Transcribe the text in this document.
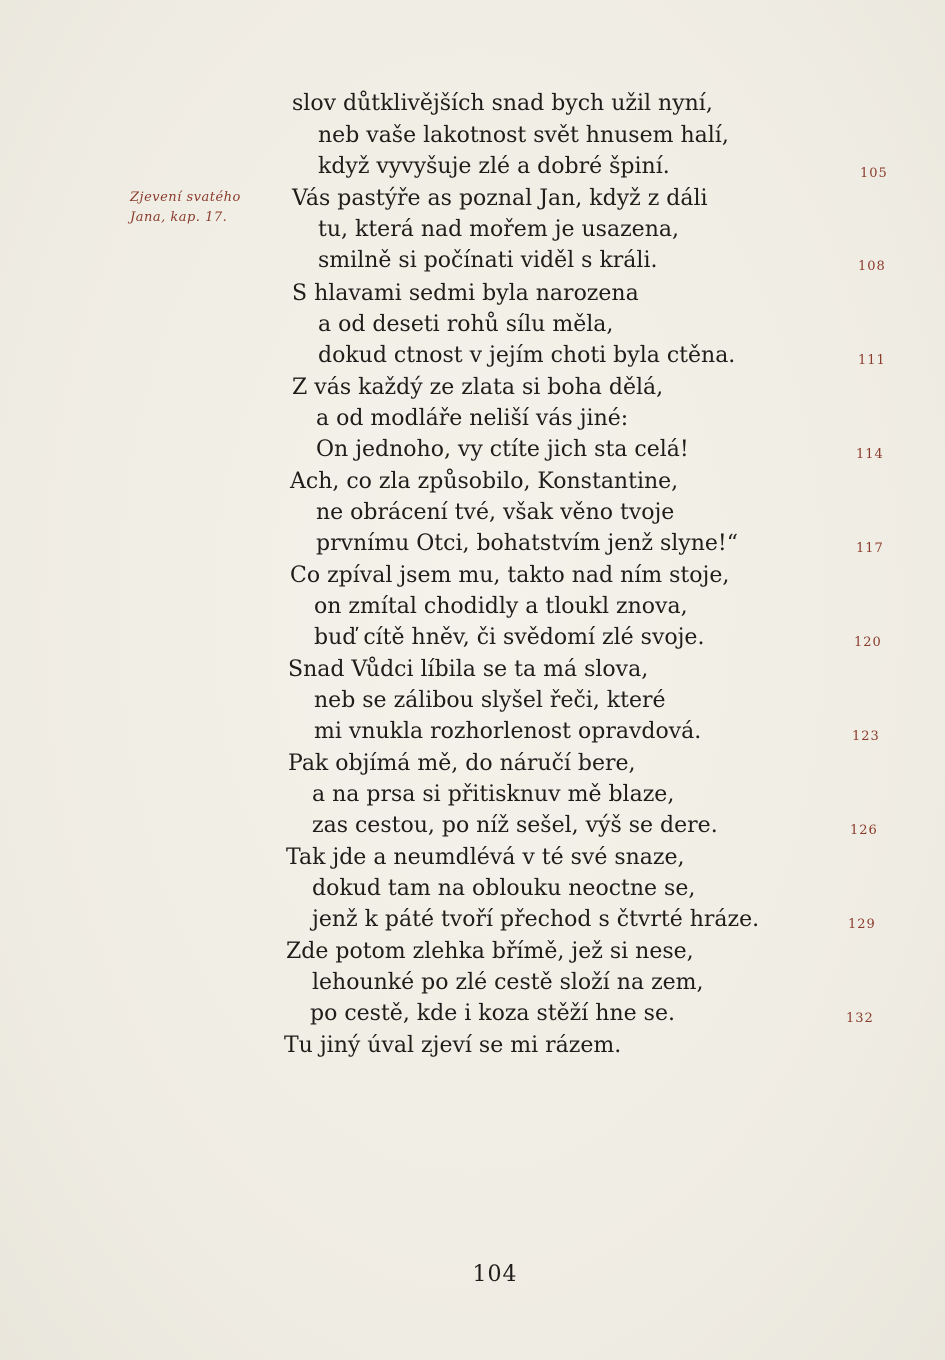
Zjevení svatého
Jana, kap. 17.
slov důtklivějších snad bych užil nyní,
neb vaše lakotnost svět hnusem halí,
když vyvyšuje zlé a dobré špiní.
Vás pastýře as poznal Jan, když z dáli
tu, která nad mořem je usazena,
smilně si počínati viděl s králi.
S hlavami sedmi byla narozena
a od deseti rohů sílu měla,
dokud ctnost v jejím choti byla ctěna.
Z vás každý ze zlata si boha dělá,
a od modláře neliší vás jiné:
On jednoho, vy ctíte jich sta celá!
Ach, co zla způsobilo, Konstantine,
ne obrácení tvé, však věno tvoje
prvnímu Otci, bohatstvím jenž slyne!“
Co zpíval jsem mu, takto nad ním stoje,
on zmítal chodidly a tloukl znova,
buď cítě hněv, či svědomí zlé svoje.
Snad Vůdci líbila se ta má slova,
neb se zálibou slyšel řeči, které
mi vnukla rozhorlenost opravdová.
Pak objímá mě, do náručí bere,
a na prsa si přitisknuv mě blaze,
zas cestou, po níž sešel, výš se dere.
Tak jde a neumdlévá v té své snaze,
dokud tam na oblouku neoctne se,
jenž k páté tvoří přechod s čtvrté hráze.
Zde potom zlehka břímě, jež si nese,
lehounké po zlé cestě složí na zem,
po cestě, kde i koza stěží hne se.
Tu jiný úval zjeví se mi rázem.
105
108
111
114
117
120
123
126
129
132
104
